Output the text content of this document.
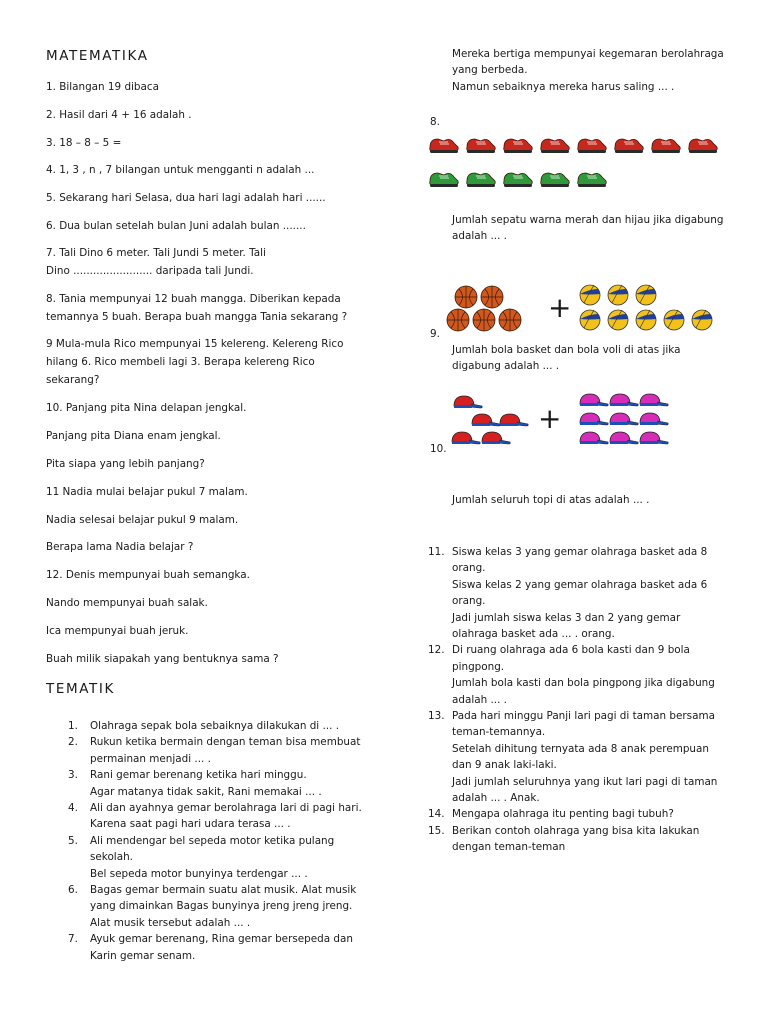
MATEMATIKA
1. Bilangan 19 dibaca
2. Hasil dari 4 + 16 adalah .
3. 18 – 8 – 5 =
4. 1, 3 , n , 7 bilangan untuk mengganti n adalah ...
5. Sekarang hari Selasa, dua hari lagi adalah hari ......
6. Dua bulan setelah bulan Juni adalah bulan .......
7. Tali Dino 6 meter. Tali Jundi 5 meter. Tali
Dino ........................ daripada tali Jundi.
8. Tania mempunyai 12 buah mangga. Diberikan kepada
temannya 5 buah. Berapa buah mangga Tania sekarang ?
9 Mula-mula Rico mempunyai 15 kelereng. Kelereng Rico
hilang 6. Rico membeli lagi 3. Berapa kelereng Rico
sekarang?
10. Panjang pita Nina delapan jengkal.
Panjang pita Diana enam jengkal.
Pita siapa yang lebih panjang?
11 Nadia mulai belajar pukul 7 malam.
Nadia selesai belajar pukul 9 malam.
Berapa lama Nadia belajar ?
12. Denis mempunyai buah semangka.
Nando mempunyai buah salak.
Ica mempunyai buah jeruk.
Buah milik siapakah yang bentuknya sama ?
TEMATIK
1. Olahraga sepak bola sebaiknya dilakukan di ... .
2. Rukun ketika bermain dengan teman bisa membuat
permainan menjadi ... .
3. Rani gemar berenang ketika hari minggu.
Agar matanya tidak sakit, Rani memakai ... .
4. Ali dan ayahnya gemar berolahraga lari di pagi hari.
Karena saat pagi hari udara terasa ... .
5. Ali mendengar bel sepeda motor ketika pulang
sekolah.
Bel sepeda motor bunyinya terdengar ... .
6. Bagas gemar bermain suatu alat musik. Alat musik
yang dimainkan Bagas bunyinya jreng jreng jreng.
Alat musik tersebut adalah ... .
7. Ayuk gemar berenang, Rina gemar bersepeda dan
Karin gemar senam.
Mereka bertiga mempunyai kegemaran berolahraga
yang berbeda.
Namun sebaiknya mereka harus saling ... .
8.
Jumlah sepatu warna merah dan hijau jika digabung
adalah ... .
+
9.
Jumlah bola basket dan bola voli di atas jika
digabung adalah ... .
+
10.
Jumlah seluruh topi di atas adalah ... .
11. Siswa kelas 3 yang gemar olahraga basket ada 8
orang.
Siswa kelas 2 yang gemar olahraga basket ada 6
orang.
Jadi jumlah siswa kelas 3 dan 2 yang gemar
olahraga basket ada ... . orang.
12. Di ruang olahraga ada 6 bola kasti dan 9 bola
pingpong.
Jumlah bola kasti dan bola pingpong jika digabung
adalah ... .
13. Pada hari minggu Panji lari pagi di taman bersama
teman-temannya.
Setelah dihitung ternyata ada 8 anak perempuan
dan 9 anak laki-laki.
Jadi jumlah seluruhnya yang ikut lari pagi di taman
adalah ... . Anak.
14. Mengapa olahraga itu penting bagi tubuh?
15. Berikan contoh olahraga yang bisa kita lakukan
dengan teman-teman
